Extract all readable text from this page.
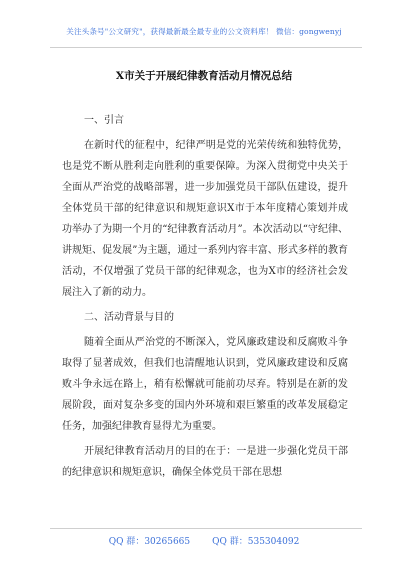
关注头条号"公文研究"，获得最新最全最专业的公文资料库！ 微信：gongwenyj
X市关于开展纪律教育活动月情况总结

一、引言

在新时代的征程中，纪律严明是党的光荣传统和独特优势，也是党不断从胜利走向胜利的重要保障。为深入贯彻党中央关于全面从严治党的战略部署，进一步加强党员干部队伍建设，提升全体党员干部的纪律意识和规矩意识X市于本年度精心策划并成功举办了为期一个月的“纪律教育活动月”。本次活动以“守纪律、讲规矩、促发展”为主题，通过一系列内容丰富、形式多样的教育活动，不仅增强了党员干部的纪律观念，也为X市的经济社会发展注入了新的动力。

二、活动背景与目的

随着全面从严治党的不断深入，党风廉政建设和反腐败斗争取得了显著成效，但我们也清醒地认识到，党风廉政建设和反腐败斗争永远在路上，稍有松懈就可能前功尽弃。特别是在新的发展阶段，面对复杂多变的国内外环境和艰巨繁重的改革发展稳定任务，加强纪律教育显得尤为重要。

开展纪律教育活动月的目的在于：一是进一步强化党员干部的纪律意识和规矩意识，确保全体党员干部在思想

QQ 群：30265665 QQ 群：535304092
